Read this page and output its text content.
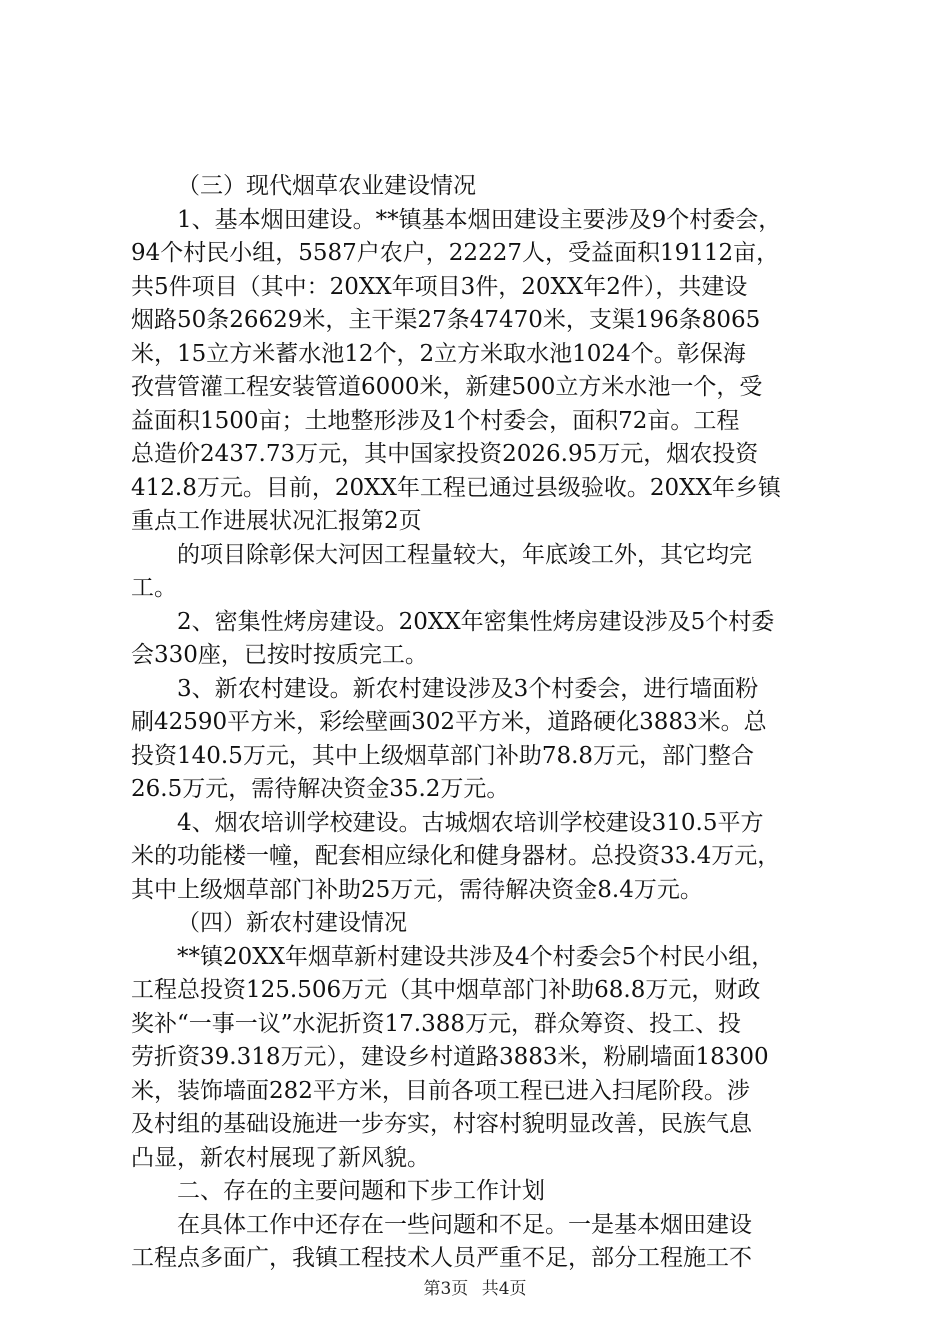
（三）现代烟草农业建设情况
1、基本烟田建设。**镇基本烟田建设主要涉及9个村委会，
94个村民小组，5587户农户，22227人，受益面积19112亩，
共5件项目（其中：20XX年项目3件，20XX年2件），共建设
烟路50条26629米，主干渠27条47470米，支渠196条8065
米，15立方米蓄水池12个，2立方米取水池1024个。彰保海
孜营管灌工程安装管道6000米，新建500立方米水池一个，受
益面积1500亩；土地整形涉及1个村委会，面积72亩。工程
总造价2437.73万元，其中国家投资2026.95万元，烟农投资
412.8万元。目前，20XX年工程已通过县级验收。20XX年乡镇
重点工作进展状况汇报第2页
的项目除彰保大河因工程量较大，年底竣工外，其它均完
工。
2、密集性烤房建设。20XX年密集性烤房建设涉及5个村委
会330座，已按时按质完工。
3、新农村建设。新农村建设涉及3个村委会，进行墙面粉
刷42590平方米，彩绘壁画302平方米，道路硬化3883米。总
投资140.5万元，其中上级烟草部门补助78.8万元，部门整合
26.5万元，需待解决资金35.2万元。
4、烟农培训学校建设。古城烟农培训学校建设310.5平方
米的功能楼一幢，配套相应绿化和健身器材。总投资33.4万元，
其中上级烟草部门补助25万元，需待解决资金8.4万元。
（四）新农村建设情况
**镇20XX年烟草新村建设共涉及4个村委会5个村民小组，
工程总投资125.506万元（其中烟草部门补助68.8万元，财政
奖补“一事一议”水泥折资17.388万元，群众筹资、投工、投
劳折资39.318万元），建设乡村道路3883米，粉刷墙面18300
米，装饰墙面282平方米，目前各项工程已进入扫尾阶段。涉
及村组的基础设施进一步夯实，村容村貌明显改善，民族气息
凸显，新农村展现了新风貌。
二、存在的主要问题和下步工作计划
在具体工作中还存在一些问题和不足。一是基本烟田建设
工程点多面广，我镇工程技术人员严重不足，部分工程施工不
第3页 共4页
